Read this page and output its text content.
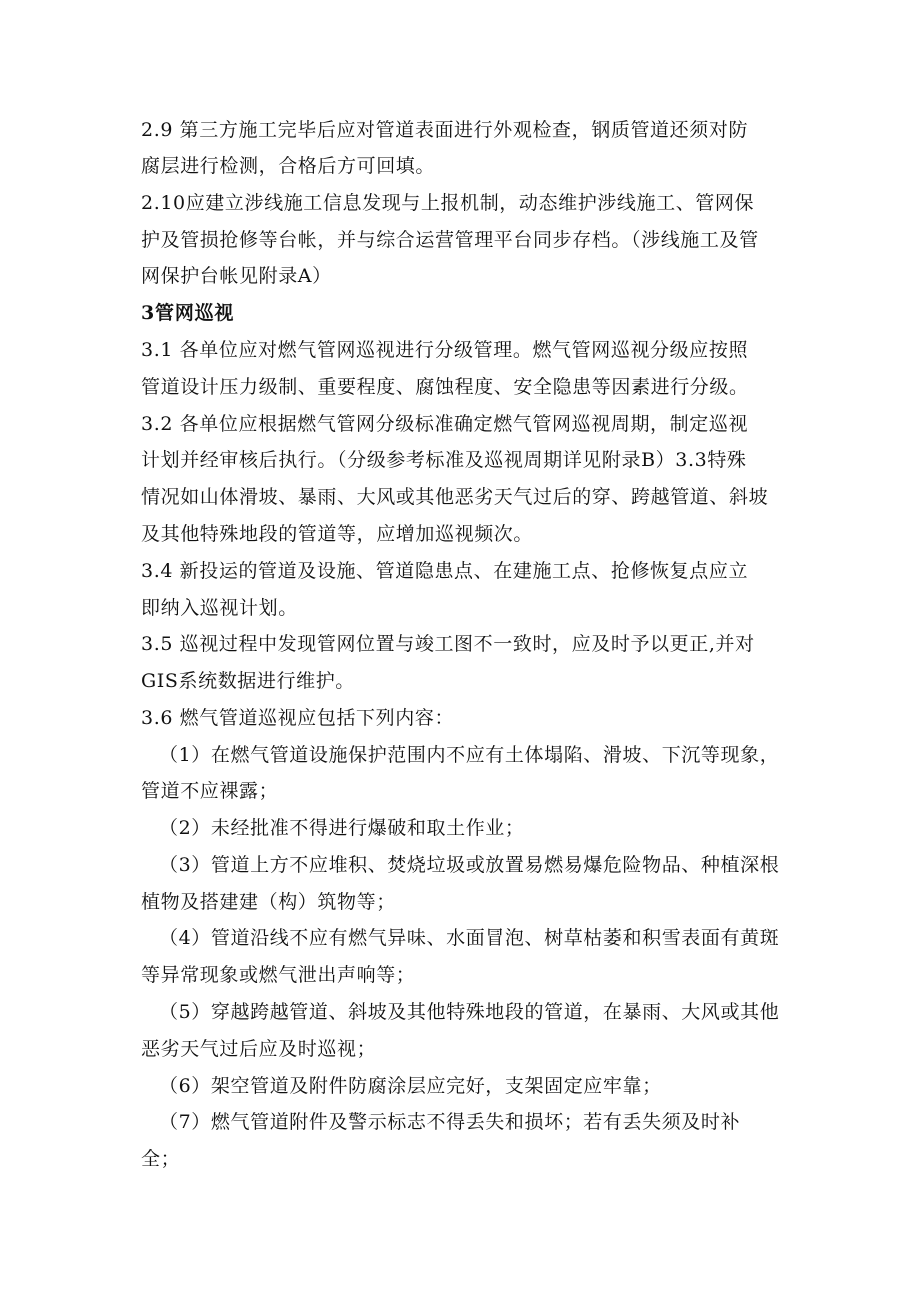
2.9 第三方施工完毕后应对管道表面进行外观检查，钢质管道还须对防
腐层进行检测，合格后方可回填。
2.10应建立涉线施工信息发现与上报机制，动态维护涉线施工、管网保
护及管损抢修等台帐，并与综合运营管理平台同步存档。（涉线施工及管
网保护台帐见附录A）
3管网巡视
3.1 各单位应对燃气管网巡视进行分级管理。燃气管网巡视分级应按照
管道设计压力级制、重要程度、腐蚀程度、安全隐患等因素进行分级。
3.2 各单位应根据燃气管网分级标准确定燃气管网巡视周期，制定巡视
计划并经审核后执行。（分级参考标准及巡视周期详见附录B）3.3特殊
情况如山体滑坡、暴雨、大风或其他恶劣天气过后的穿、跨越管道、斜坡
及其他特殊地段的管道等，应增加巡视频次。
3.4 新投运的管道及设施、管道隐患点、在建施工点、抢修恢复点应立
即纳入巡视计划。
3.5 巡视过程中发现管网位置与竣工图不一致时，应及时予以更正,并对
GIS系统数据进行维护。
3.6 燃气管道巡视应包括下列内容：
（1）在燃气管道设施保护范围内不应有土体塌陷、滑坡、下沉等现象，
管道不应裸露；
（2）未经批准不得进行爆破和取土作业；
（3）管道上方不应堆积、焚烧垃圾或放置易燃易爆危险物品、种植深根
植物及搭建建（构）筑物等；
（4）管道沿线不应有燃气异味、水面冒泡、树草枯萎和积雪表面有黄斑
等异常现象或燃气泄出声响等；
（5）穿越跨越管道、斜坡及其他特殊地段的管道，在暴雨、大风或其他
恶劣天气过后应及时巡视；
（6）架空管道及附件防腐涂层应完好，支架固定应牢靠；
（7）燃气管道附件及警示标志不得丢失和损坏；若有丢失须及时补
全；
